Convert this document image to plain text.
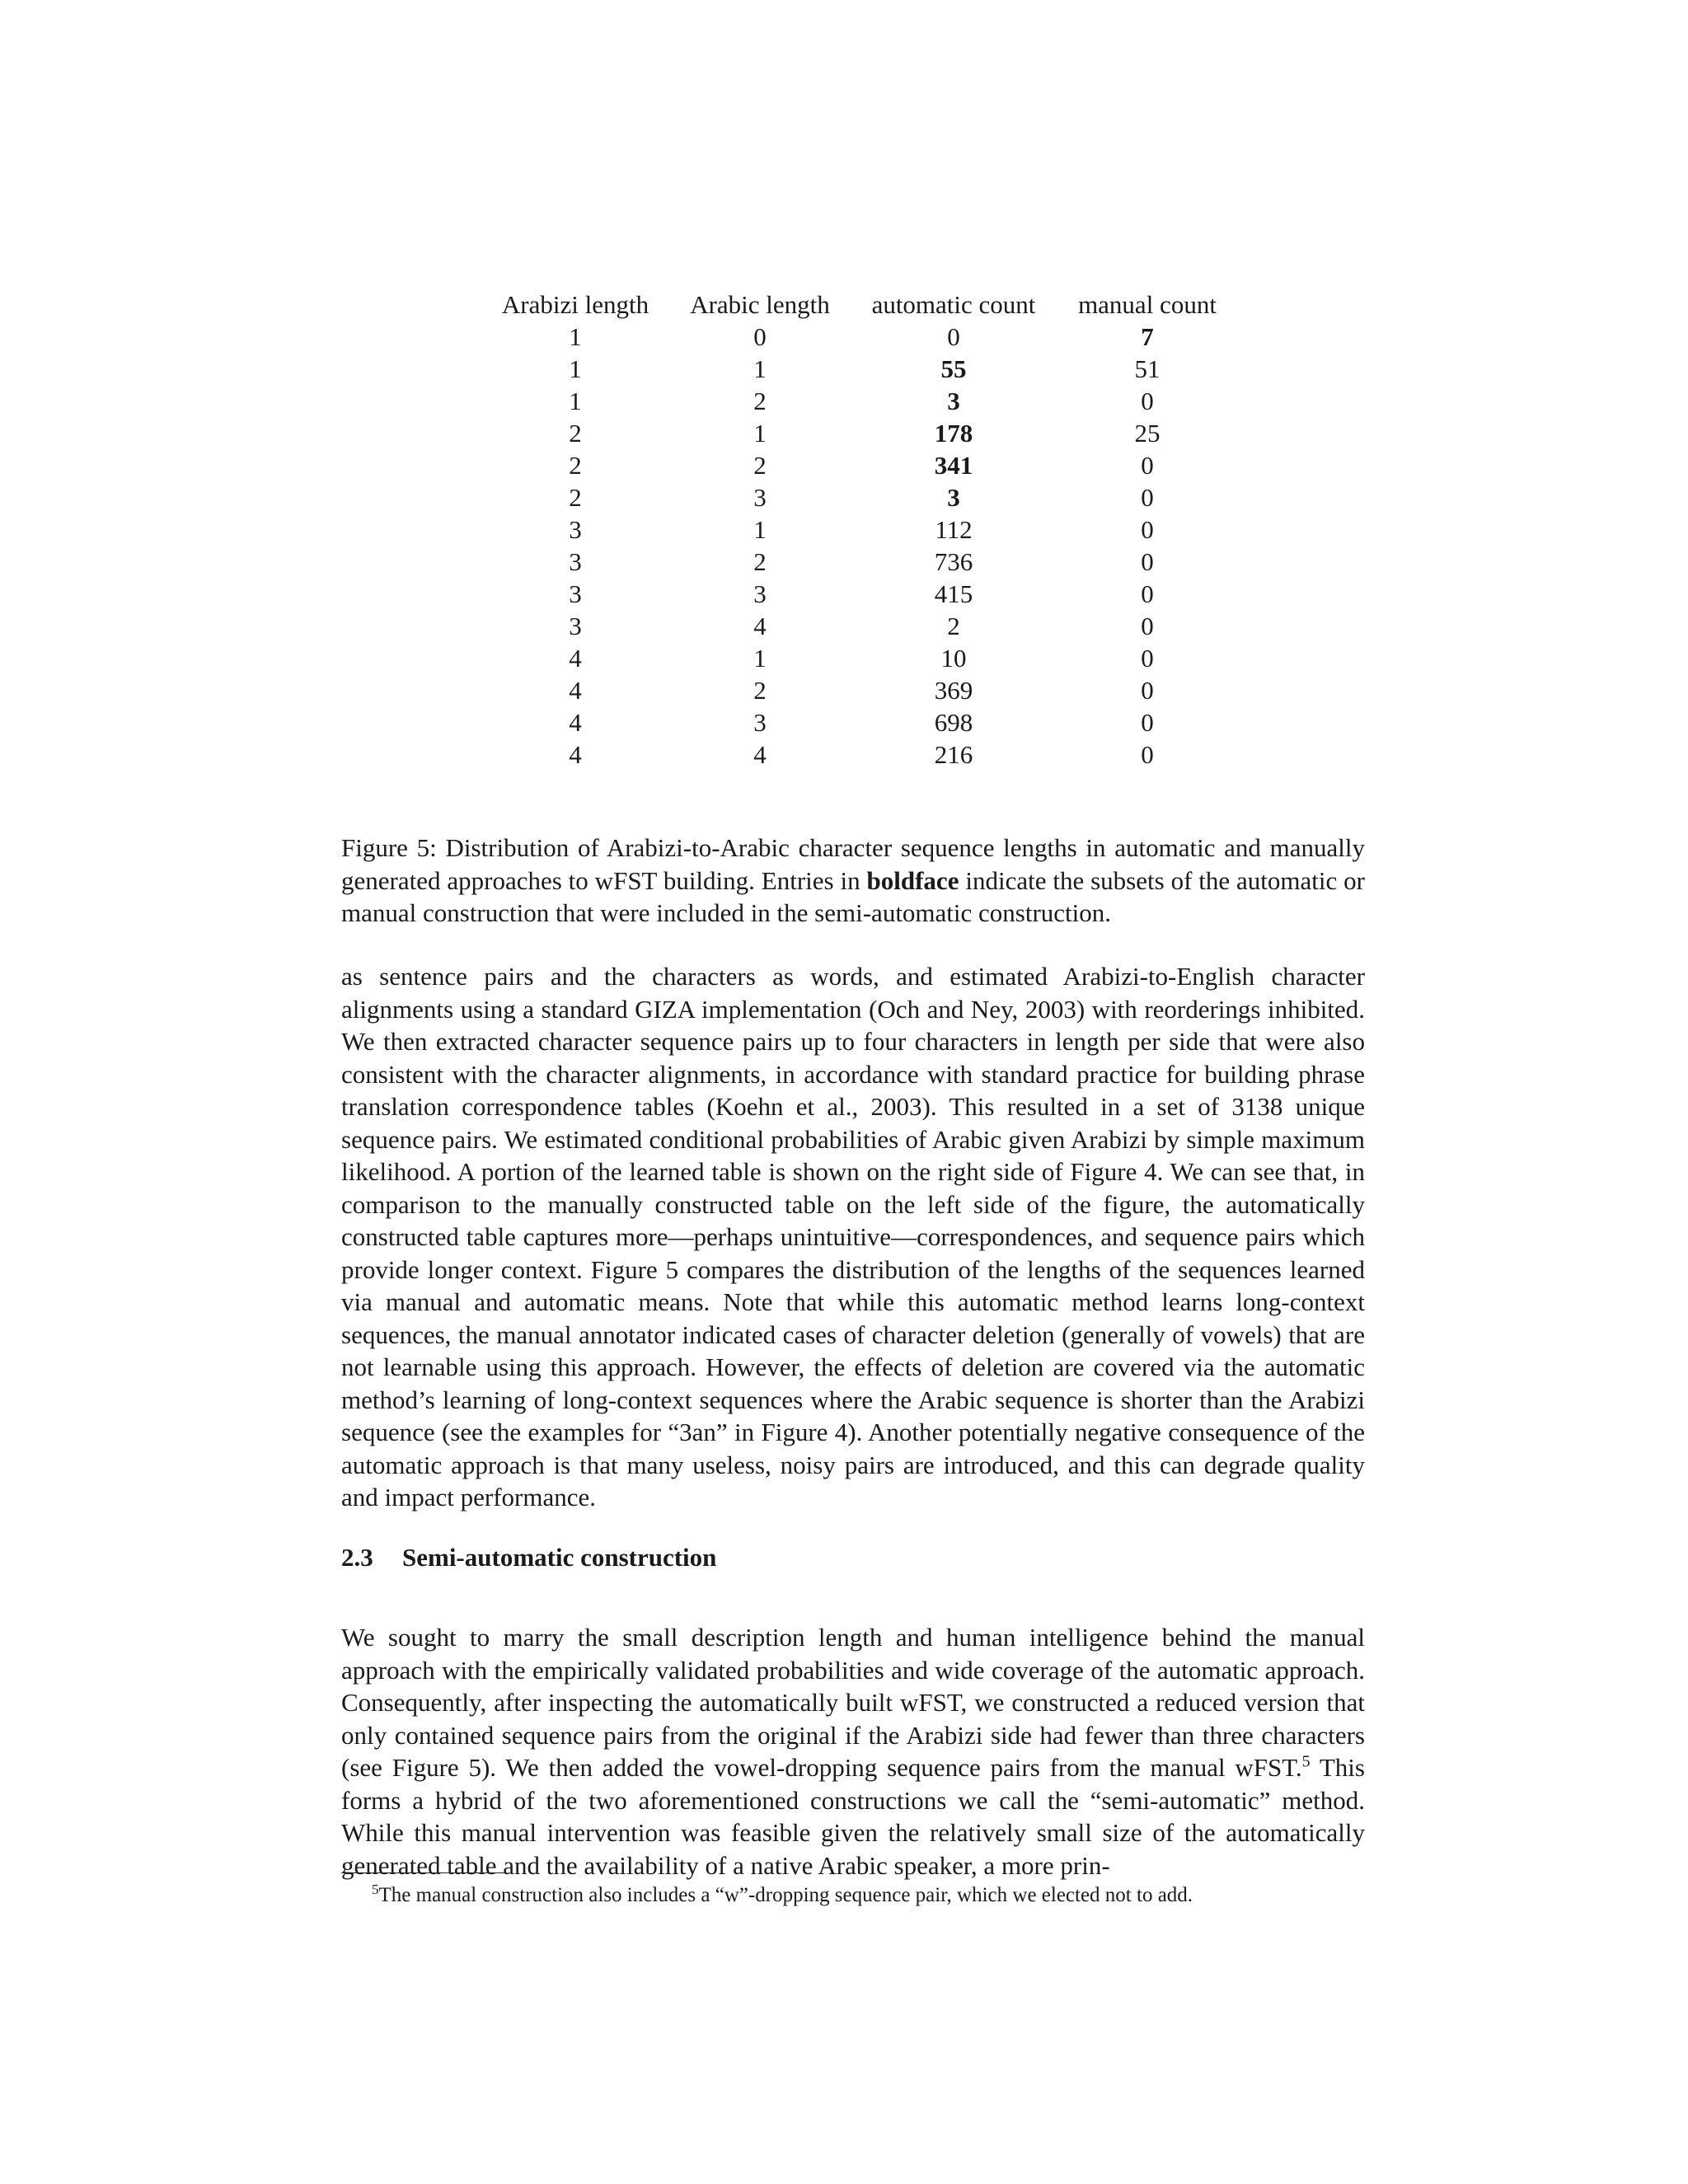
Arabizi length	Arabic length	automatic count	manual count
1	0	0	7
1	1	55	51
1	2	3	0
2	1	178	25
2	2	341	0
2	3	3	0
3	1	112	0
3	2	736	0
3	3	415	0
3	4	2	0
4	1	10	0
4	2	369	0
4	3	698	0
4	4	216	0

Figure 5: Distribution of Arabizi-to-Arabic character sequence lengths in automatic and manually generated approaches to wFST building. Entries in boldface indicate the subsets of the automatic or manual construction that were included in the semi-automatic construction.

as sentence pairs and the characters as words, and estimated Arabizi-to-English character alignments using a standard GIZA implementation (Och and Ney, 2003) with reorderings inhibited. We then extracted character sequence pairs up to four characters in length per side that were also consistent with the character alignments, in accordance with standard practice for building phrase translation correspondence tables (Koehn et al., 2003). This resulted in a set of 3138 unique sequence pairs. We estimated conditional probabilities of Arabic given Arabizi by simple maximum likelihood. A portion of the learned table is shown on the right side of Figure 4. We can see that, in comparison to the manually constructed table on the left side of the figure, the automatically constructed table captures more—perhaps unintuitive—correspondences, and sequence pairs which provide longer context. Figure 5 compares the distribution of the lengths of the sequences learned via manual and automatic means. Note that while this automatic method learns long-context sequences, the manual annotator indicated cases of character deletion (generally of vowels) that are not learnable using this approach. However, the effects of deletion are covered via the automatic method’s learning of long-context sequences where the Arabic sequence is shorter than the Arabizi sequence (see the examples for “3an” in Figure 4). Another potentially negative consequence of the automatic approach is that many useless, noisy pairs are introduced, and this can degrade quality and impact performance.

2.3 Semi-automatic construction

We sought to marry the small description length and human intelligence behind the manual approach with the empirically validated probabilities and wide coverage of the automatic approach. Consequently, after inspecting the automatically built wFST, we constructed a reduced version that only contained sequence pairs from the original if the Arabizi side had fewer than three characters (see Figure 5). We then added the vowel-dropping sequence pairs from the manual wFST.$^5$ This forms a hybrid of the two aforementioned constructions we call the “semi-automatic” method. While this manual intervention was feasible given the relatively small size of the automatically generated table and the availability of a native Arabic speaker, a more prin-

$^5$The manual construction also includes a “w”-dropping sequence pair, which we elected not to add.
